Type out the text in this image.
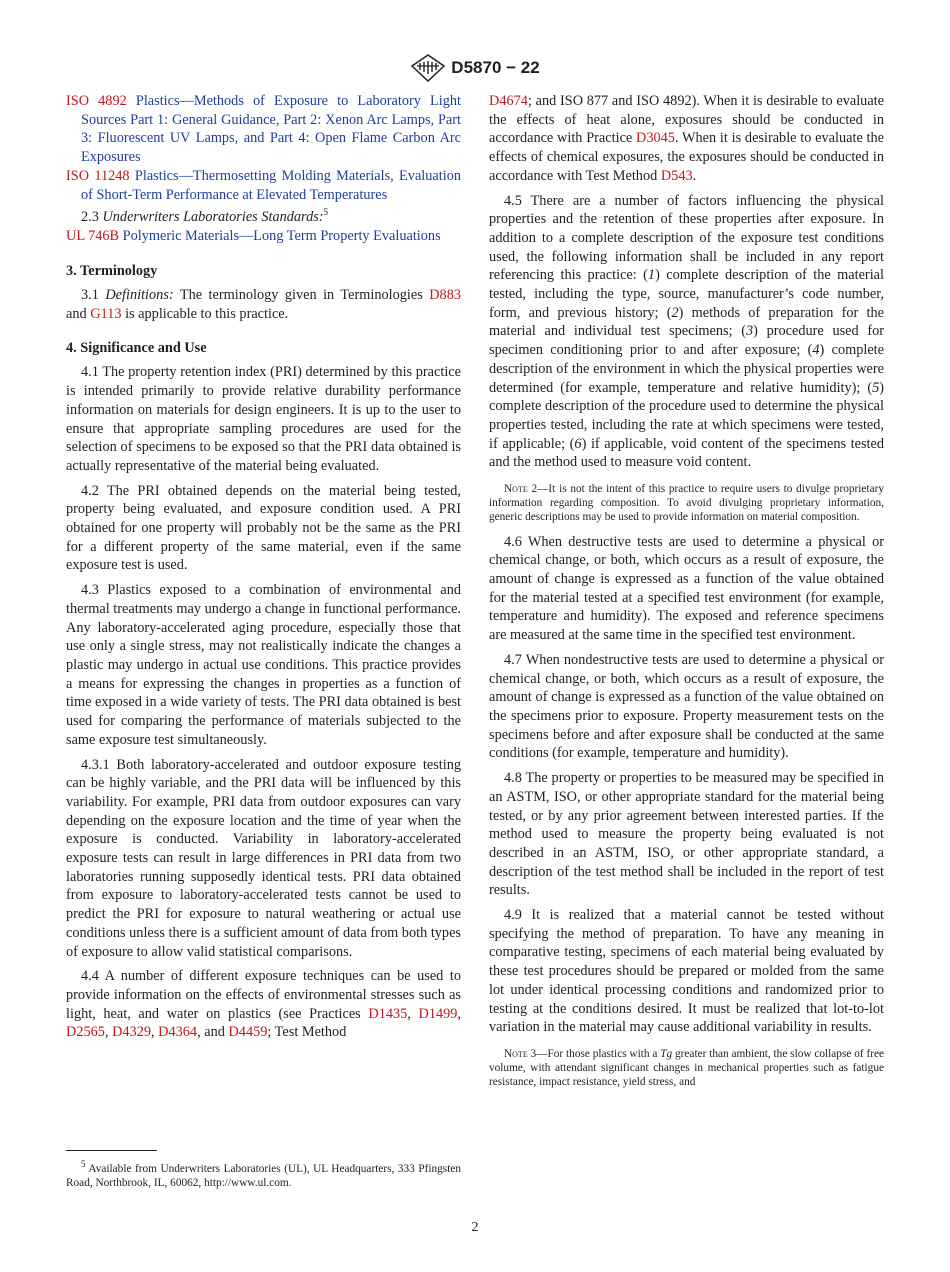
D5870 − 22

ISO 4892 Plastics—Methods of Exposure to Laboratory Light Sources Part 1: General Guidance, Part 2: Xenon Arc Lamps, Part 3: Fluorescent UV Lamps, and Part 4: Open Flame Carbon Arc Exposures

ISO 11248 Plastics—Thermosetting Molding Materials, Evaluation of Short-Term Performance at Elevated Temperatures

2.3 Underwriters Laboratories Standards:$^5$

UL 746B Polymeric Materials—Long Term Property Evaluations

3. Terminology

3.1 Definitions: The terminology given in Terminologies D883 and G113 is applicable to this practice.

4. Significance and Use

4.1 The property retention index (PRI) determined by this practice is intended primarily to provide relative durability performance information on materials for design engineers. It is up to the user to ensure that appropriate sampling procedures are used for the selection of specimens to be exposed so that the PRI data obtained is actually representative of the material being evaluated.

4.2 The PRI obtained depends on the material being tested, property being evaluated, and exposure condition used. A PRI obtained for one property will probably not be the same as the PRI for a different property of the same material, even if the same exposure test is used.

4.3 Plastics exposed to a combination of environmental and thermal treatments may undergo a change in functional performance. Any laboratory-accelerated aging procedure, especially those that use only a single stress, may not realistically indicate the changes a plastic may undergo in actual use conditions. This practice provides a means for expressing the changes in properties as a function of time exposed in a wide variety of tests. The PRI data obtained is best used for comparing the performance of materials subjected to the same exposure test simultaneously.

4.3.1 Both laboratory-accelerated and outdoor exposure testing can be highly variable, and the PRI data will be influenced by this variability. For example, PRI data from outdoor exposures can vary depending on the exposure location and the time of year when the exposure is conducted. Variability in laboratory-accelerated exposure tests can result in large differences in PRI data from two laboratories running supposedly identical tests. PRI data obtained from exposure to laboratory-accelerated tests cannot be used to predict the PRI for exposure to natural weathering or actual use conditions unless there is a sufficient amount of data from both types of exposure to allow valid statistical comparisons.

4.4 A number of different exposure techniques can be used to provide information on the effects of environmental stresses such as light, heat, and water on plastics (see Practices D1435, D1499, D2565, D4329, D4364, and D4459; Test Method

D4674; and ISO 877 and ISO 4892). When it is desirable to evaluate the effects of heat alone, exposures should be conducted in accordance with Practice D3045. When it is desirable to evaluate the effects of chemical exposures, the exposures should be conducted in accordance with Test Method D543.

4.5 There are a number of factors influencing the physical properties and the retention of these properties after exposure. In addition to a complete description of the exposure test conditions used, the following information shall be included in any report referencing this practice: (1) complete description of the material tested, including the type, source, manufacturer’s code number, form, and previous history; (2) methods of preparation for the material and individual test specimens; (3) procedure used for specimen conditioning prior to and after exposure; (4) complete description of the environment in which the physical properties were determined (for example, temperature and relative humidity); (5) complete description of the procedure used to determine the physical properties tested, including the rate at which specimens were tested, if applicable; (6) if applicable, void content of the specimens tested and the method used to measure void content.

Note 2—It is not the intent of this practice to require users to divulge proprietary information regarding composition. To avoid divulging proprietary information, generic descriptions may be used to provide information on material composition.

4.6 When destructive tests are used to determine a physical or chemical change, or both, which occurs as a result of exposure, the amount of change is expressed as a function of the value obtained for the material tested at a specified test environment (for example, temperature and humidity). The exposed and reference specimens are measured at the same time in the specified test environment.

4.7 When nondestructive tests are used to determine a physical or chemical change, or both, which occurs as a result of exposure, the amount of change is expressed as a function of the value obtained on the specimens prior to exposure. Property measurement tests on the specimens before and after exposure shall be conducted at the same conditions (for example, temperature and humidity).

4.8 The property or properties to be measured may be specified in an ASTM, ISO, or other appropriate standard for the material being tested, or by any prior agreement between interested parties. If the method used to measure the property being evaluated is not described in an ASTM, ISO, or other appropriate standard, a description of the test method shall be included in the report of test results.

4.9 It is realized that a material cannot be tested without specifying the method of preparation. To have any meaning in comparative testing, specimens of each material being evaluated by these test procedures should be prepared or molded from the same lot under identical processing conditions and randomized prior to testing at the conditions desired. It must be realized that lot-to-lot variation in the material may cause additional variability in results.

Note 3—For those plastics with a Tg greater than ambient, the slow collapse of free volume, with attendant significant changes in mechanical properties such as fatigue resistance, impact resistance, yield stress, and

$^5$ Available from Underwriters Laboratories (UL), UL Headquarters, 333 Pfingsten Road, Northbrook, IL, 60062, http://www.ul.com.

2
